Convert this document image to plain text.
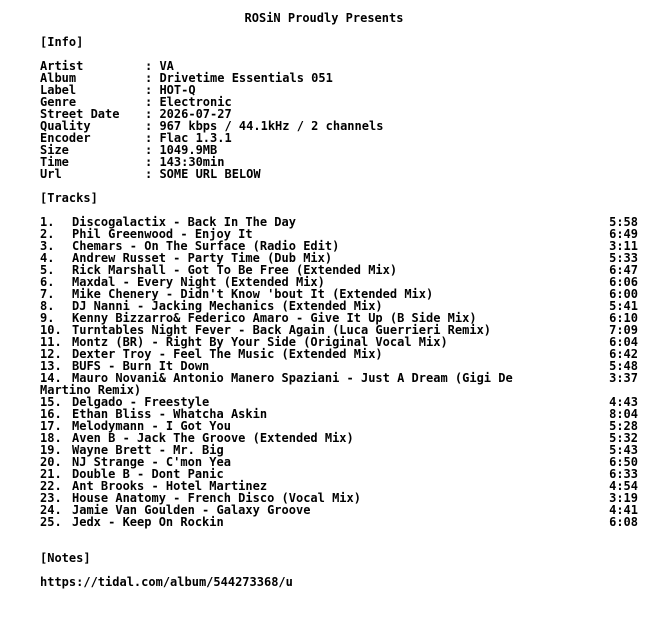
ROSiN Proudly Presents
[Info]
Artist	: VA
Album	: Drivetime Essentials 051
Label	: HOT-Q
Genre	: Electronic
Street Date : 2026-07-27
Quality	: 967 kbps / 44.1kHz / 2 channels
Encoder	: Flac 1.3.1
Size	: 1049.9MB
Time	: 143:30min
Url	: SOME URL BELOW
[Tracks]
1. Discogalactix - Back In The Day	5:58
2. Phil Greenwood - Enjoy It	6:49
3. Chemars - On The Surface (Radio Edit)	3:11
4. Andrew Russet - Party Time (Dub Mix)	5:33
5. Rick Marshall - Got To Be Free (Extended Mix)	6:47
6. Maxdal - Every Night (Extended Mix)	6:06
7. Mike Chenery - Didn't Know 'bout It (Extended Mix)	6:00
8. DJ Nanni - Jacking Mechanics (Extended Mix)	5:41
9. Kenny Bizzarro& Federico Amaro - Give It Up (B Side Mix)	6:10
10. Turntables Night Fever - Back Again (Luca Guerrieri Remix)	7:09
11. Montz (BR) - Right By Your Side (Original Vocal Mix)	6:04
12. Dexter Troy - Feel The Music (Extended Mix)	6:42
13. BUFS - Burn It Down	5:48
14. Mauro Novani& Antonio Manero Spaziani - Just A Dream (Gigi De	3:37
Martino Remix)
15. Delgado - Freestyle	4:43
16. Ethan Bliss - Whatcha Askin	8:04
17. Melodymann - I Got You	5:28
18. Aven B - Jack The Groove (Extended Mix)	5:32
19. Wayne Brett - Mr. Big	5:43
20. NJ Strange - C'mon Yea	6:50
21. Double B - Dont Panic	6:33
22. Ant Brooks - Hotel Martinez	4:54
23. House Anatomy - French Disco (Vocal Mix)	3:19
24. Jamie Van Goulden - Galaxy Groove	4:41
25. Jedx - Keep On Rockin	6:08
[Notes]
https://tidal.com/album/544273368/u
